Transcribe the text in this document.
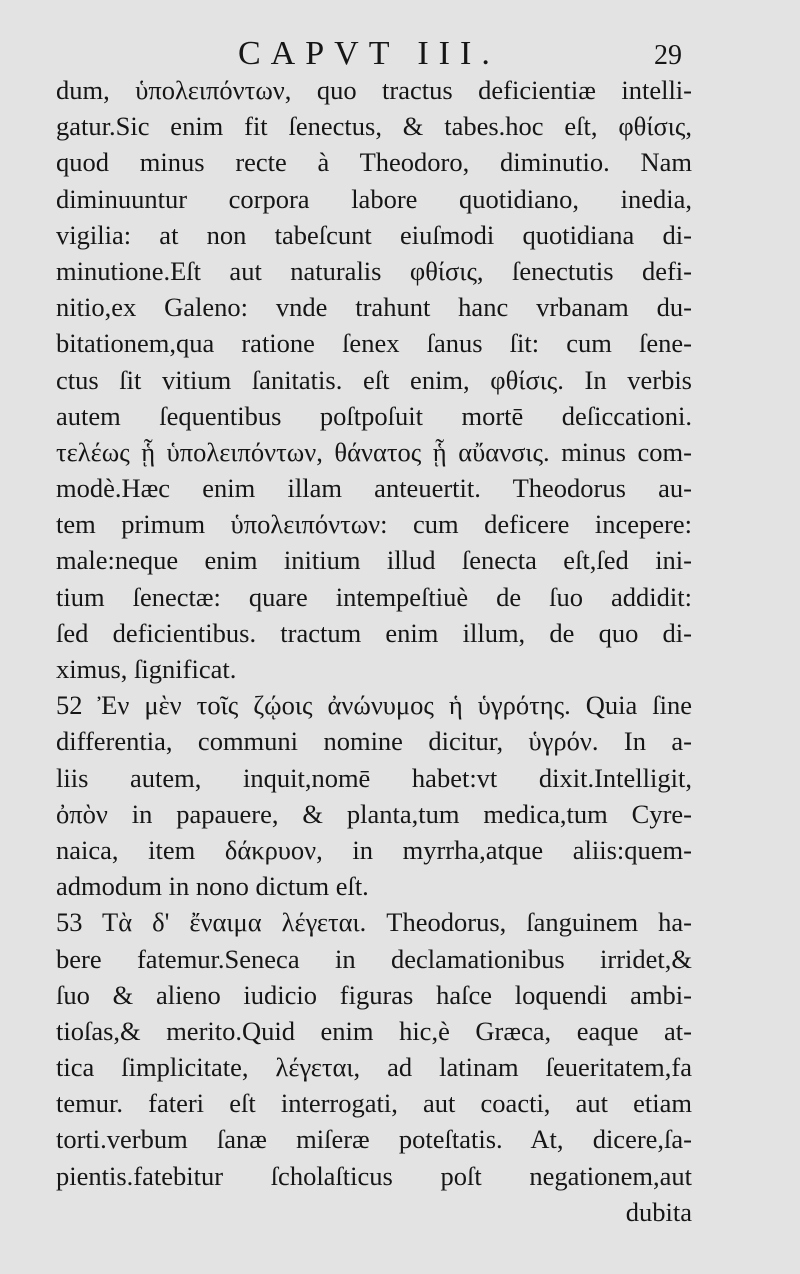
CAPVT III.	29
dum, ὑπολειπόντων, quo tractus deficientiæ intelli-
gatur.Sic enim fit ſenectus, & tabes.hoc eſt, φθίσις,
quod minus recte à Theodoro, diminutio. Nam
diminuuntur corpora labore quotidiano, inedia,
vigilia: at non tabeſcunt eiuſmodi quotidiana di-
minutione.Eſt aut naturalis φθίσις, ſenectutis defi-
nitio,ex Galeno: vnde trahunt hanc vrbanam du-
bitationem,qua ratione ſenex ſanus ſit: cum ſene-
ctus ſit vitium ſanitatis. eſt enim, φθίσις. In verbis
autem ſequentibus poſtpoſuit mortē deſiccationi.
τελέως ᾗ ὑπολειπόντων, θάνατος ᾗ αὔανσις. minus com-
modè.Hæc enim illam anteuertit. Theodorus au-
tem primum ὑπολειπόντων: cum deficere incepere:
male:neque enim initium illud ſenecta eſt,ſed ini-
tium ſenectæ: quare intempeſtiuè de ſuo addidit:
ſed deficientibus. tractum enim illum, de quo di-
ximus, ſignificat.
52 Ἐν μὲν τοῖς ζῴοις ἀνώνυμος ἡ ὑγρότης. Quia ſine
differentia, communi nomine dicitur, ὑγρόν. In a-
liis autem, inquit,nomē habet:vt dixit.Intelligit,
ὀπὸν in papauere, & planta,tum medica,tum Cyre-
naica, item δάκρυον, in myrrha,atque aliis:quem-
admodum in nono dictum eſt.
53 Τὰ δ' ἔναιμα λέγεται. Theodorus, ſanguinem ha-
bere fatemur.Seneca in declamationibus irridet,&
ſuo & alieno iudicio figuras haſce loquendi ambi-
tioſas,& merito.Quid enim hic,è Græca, eaque at-
tica ſimplicitate, λέγεται, ad latinam ſeueritatem,fa
temur. fateri eſt interrogati, aut coacti, aut etiam
torti.verbum ſanæ miſeræ poteſtatis. At, dicere,ſa-
pientis.fatebitur ſcholaſticus poſt negationem,aut
dubita
